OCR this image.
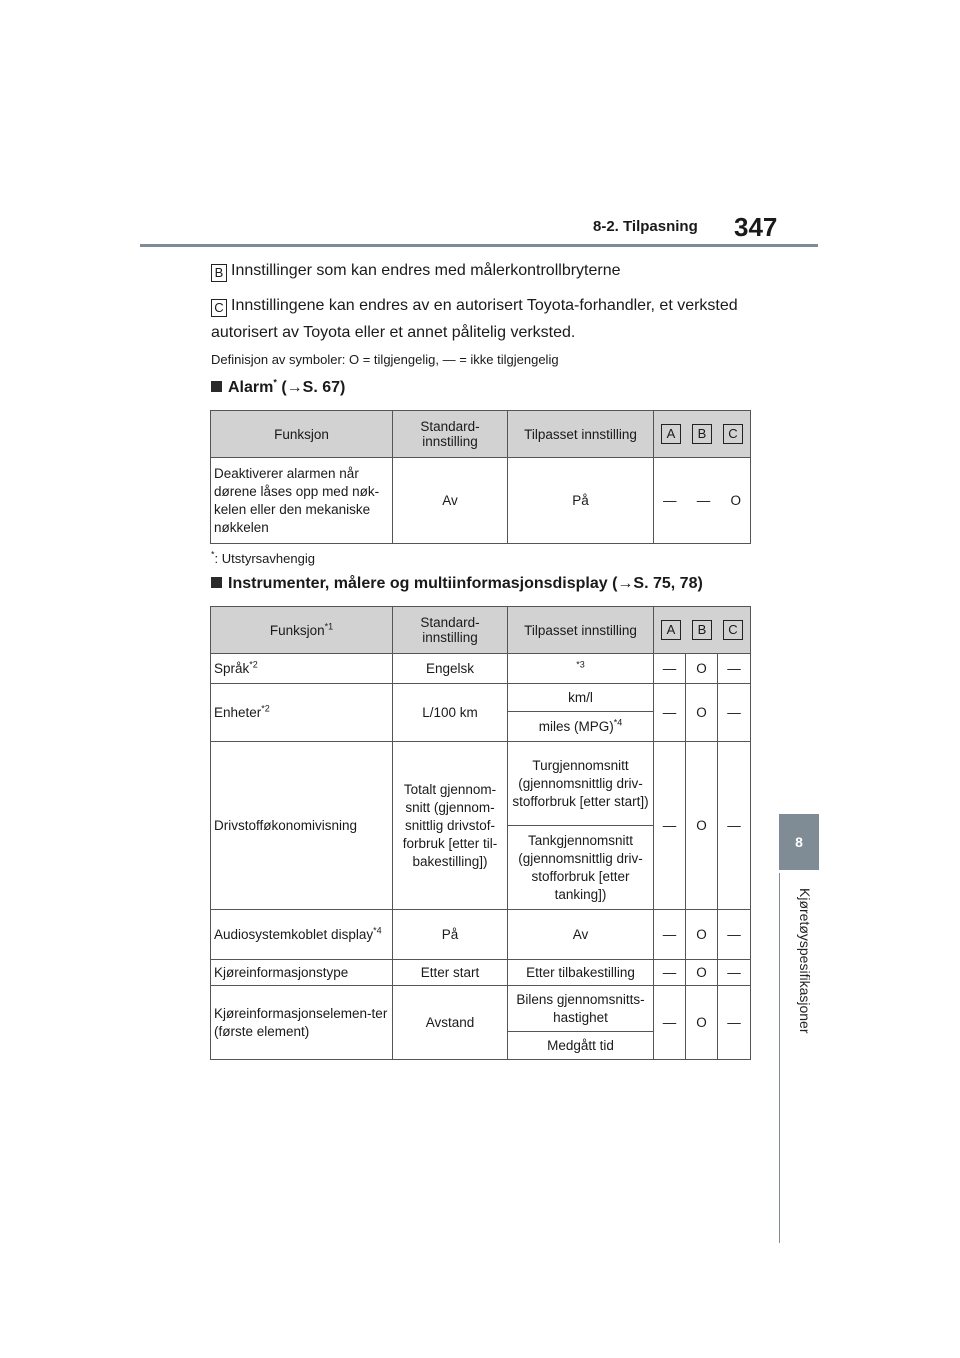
8-2. Tilpasning 347
8
Kjøretøyspesifikasjoner
B Innstillinger som kan endres med målerkontrollbryterne
C Innstillingene kan endres av en autorisert Toyota-forhandler, et verksted
autorisert av Toyota eller et annet pålitelig verksted.
Definisjon av symboler: O = tilgjengelig, — = ikke tilgjengelig
Alarm* (→S. 67)
Funksjon	Standard-innstilling	Tilpasset innstilling	A B C

Deaktiverer alarmen når dørene låses opp med nøk-kelen eller den mekaniske nøkkelen	Av	På	— — O
*: Utstyrsavhengig
Instrumenter, målere og multiinformasjonsdisplay (→S. 75, 78)
Funksjon$^{*1}$	Standard-innstilling	Tilpasset innstilling	A B C		

Språk$^{*2}$	Engelsk	$^{*3}$	—	O	—
Enheter$^{*2}$	L/100 km	km/l	—	O	—
		miles (MPG)$^{*4}$
Drivstofføkonomivisning	Totalt gjennom-snitt (gjennom-snittlig drivstof-forbruk [etter til-bakestilling])	Turgjennomsnitt (gjennomsnittlig driv-stofforbruk [etter start])	—	O	—
		Tankgjennomsnitt (gjennomsnittlig driv-stofforbruk [etter tanking])			
Audiosystemkoblet display$^{*4}$	På	Av	—	O	—
Kjøreinformasjonstype	Etter start	Etter tilbakestilling	—	O	—
Kjøreinformasjonselemen-ter (første element)	Avstand	Bilens gjennomsnitts-hastighet	—	O	—
		Medgått tid			
